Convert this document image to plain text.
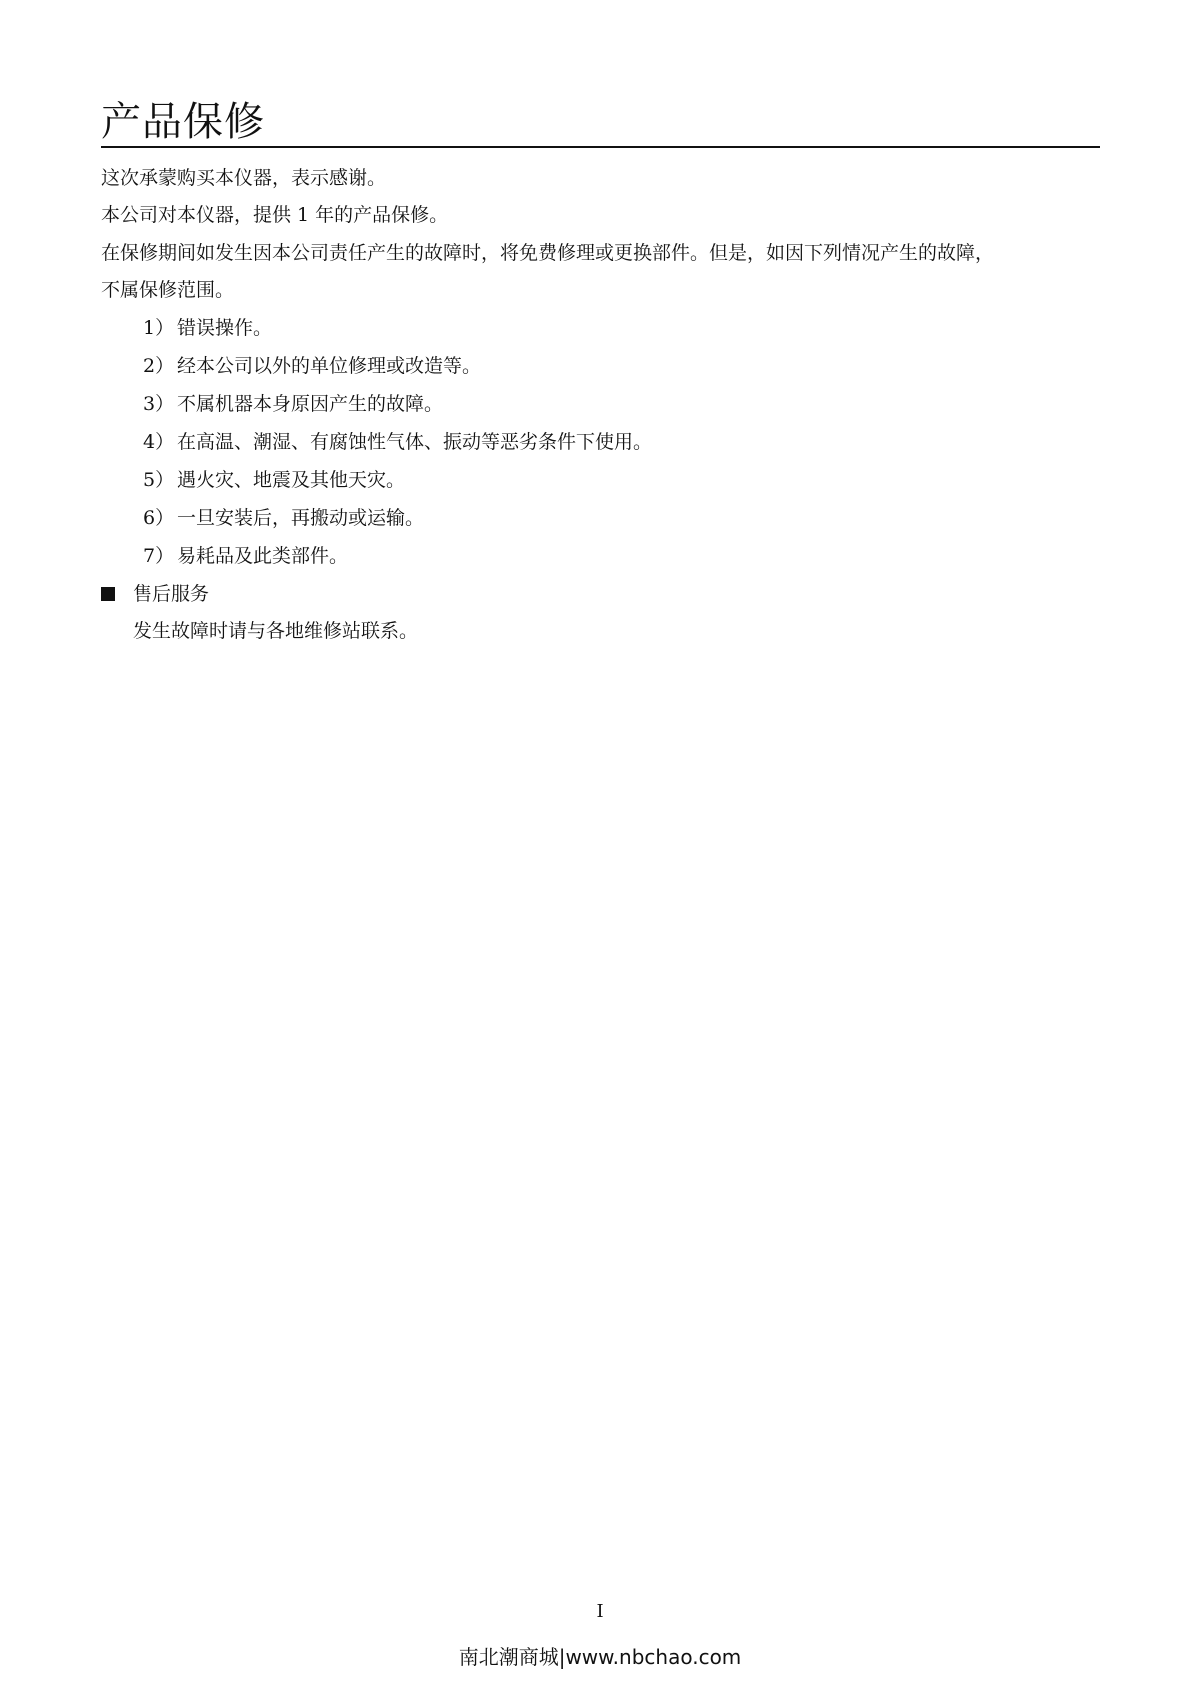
产品保修
这次承蒙购买本仪器，表示感谢。
本公司对本仪器，提供 1 年的产品保修。
在保修期间如发生因本公司责任产生的故障时，将免费修理或更换部件。但是，如因下列情况产生的故障，
不属保修范围。
1） 错误操作。
2） 经本公司以外的单位修理或改造等。
3） 不属机器本身原因产生的故障。
4） 在高温、潮湿、有腐蚀性气体、振动等恶劣条件下使用。
5） 遇火灾、地震及其他天灾。
6） 一旦安装后，再搬动或运输。
7） 易耗品及此类部件。
售后服务
发生故障时请与各地维修站联系。
I
南北潮商城|www.nbchao.com
